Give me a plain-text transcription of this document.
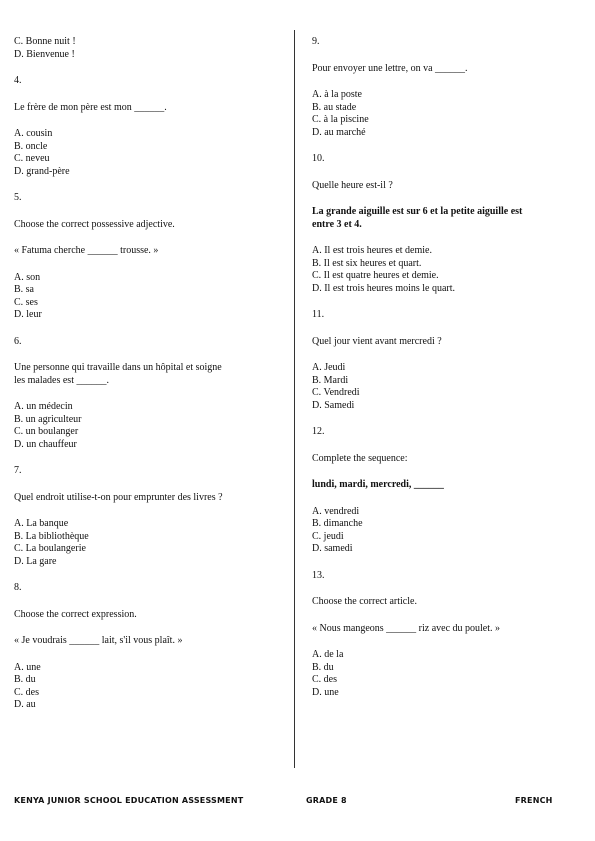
C. Bonne nuit !
D. Bienvenue !
4.
Le frère de mon père est mon ______.
A. cousin
B. oncle
C. neveu
D. grand-père
5.
Choose the correct possessive adjective.
« Fatuma cherche ______ trousse. »
A. son
B. sa
C. ses
D. leur
6.
Une personne qui travaille dans un hôpital et soigne
les malades est ______.
A. un médecin
B. un agriculteur
C. un boulanger
D. un chauffeur
7.
Quel endroit utilise-t-on pour emprunter des livres ?
A. La banque
B. La bibliothèque
C. La boulangerie
D. La gare
8.
Choose the correct expression.
« Je voudrais ______ lait, s'il vous plaît. »
A. une
B. du
C. des
D. au
9.
Pour envoyer une lettre, on va ______.
A. à la poste
B. au stade
C. à la piscine
D. au marché
10.
Quelle heure est-il ?
La grande aiguille est sur 6 et la petite aiguille est
entre 3 et 4.
A. Il est trois heures et demie.
B. Il est six heures et quart.
C. Il est quatre heures et demie.
D. Il est trois heures moins le quart.
11.
Quel jour vient avant mercredi ?
A. Jeudi
B. Mardi
C. Vendredi
D. Samedi
12.
Complete the sequence:
lundi, mardi, mercredi, ______
A. vendredi
B. dimanche
C. jeudi
D. samedi
13.
Choose the correct article.
« Nous mangeons ______ riz avec du poulet. »
A. de la
B. du
C. des
D. une
KENYA JUNIOR SCHOOL EDUCATION ASSESSMENT	GRADE 8	FRENCH
